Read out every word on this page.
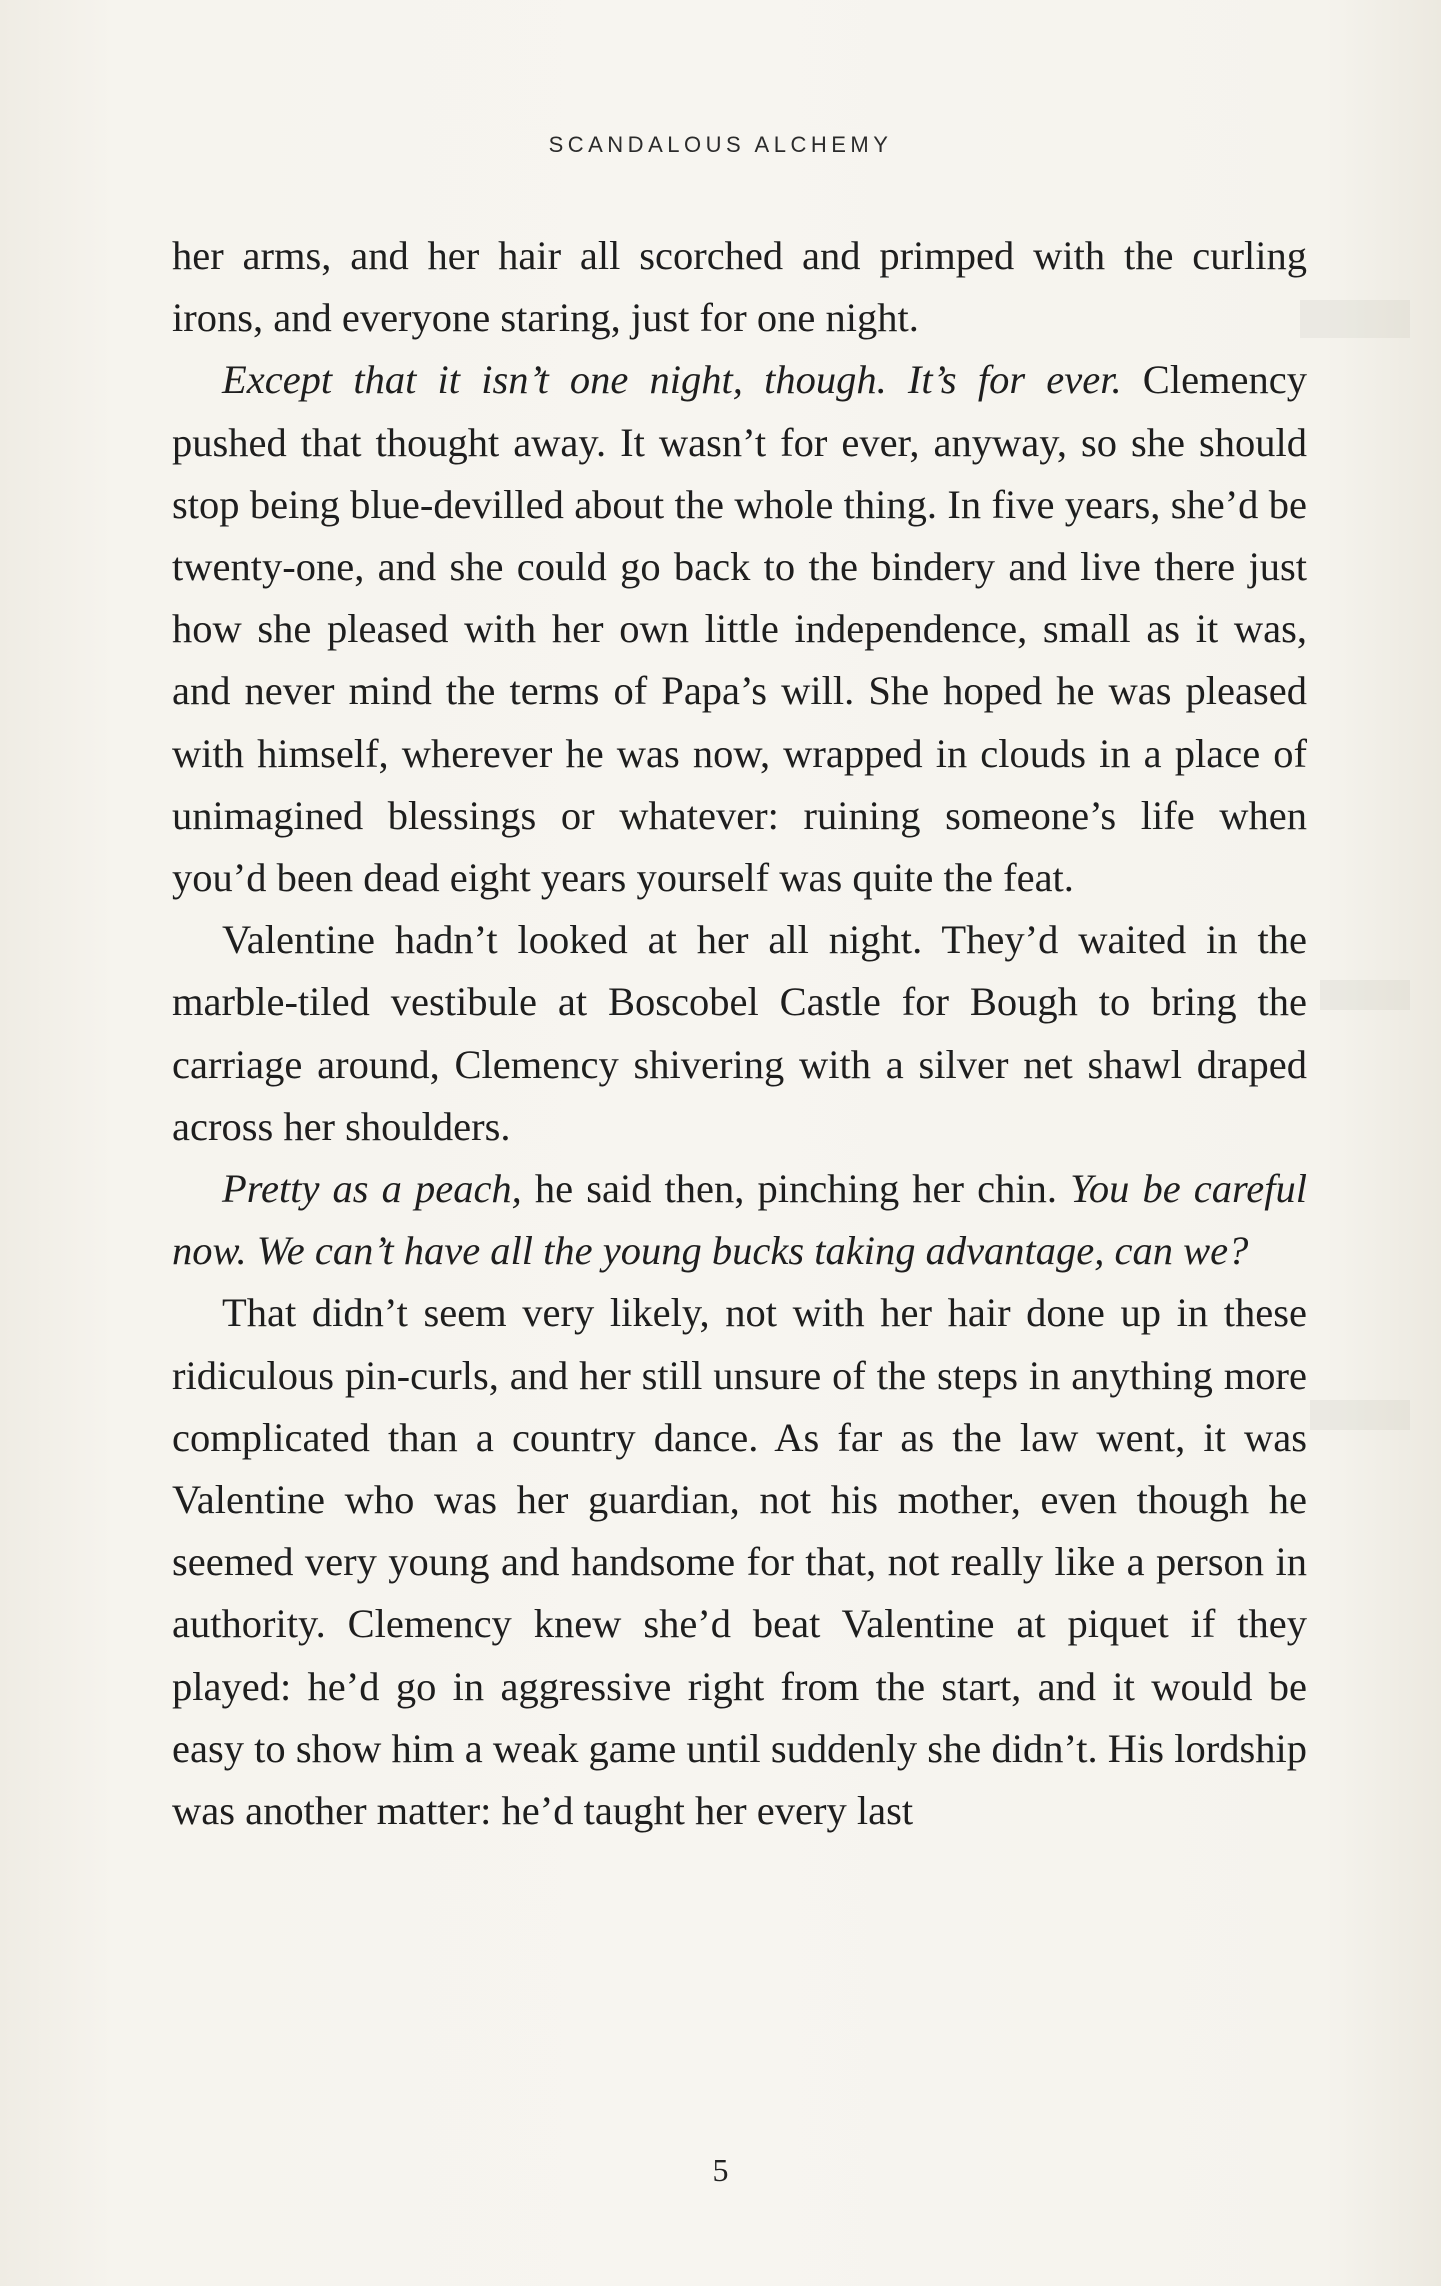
SCANDALOUS ALCHEMY

her arms, and her hair all scorched and primped with the curling irons, and everyone staring, just for one night.

Except that it isn’t one night, though. It’s for ever. Clemency pushed that thought away. It wasn’t for ever, anyway, so she should stop being blue-devilled about the whole thing. In five years, she’d be twenty-one, and she could go back to the bindery and live there just how she pleased with her own little independence, small as it was, and never mind the terms of Papa’s will. She hoped he was pleased with himself, wherever he was now, wrapped in clouds in a place of unimagined blessings or whatever: ruining someone’s life when you’d been dead eight years yourself was quite the feat.

Valentine hadn’t looked at her all night. They’d waited in the marble-tiled vestibule at Boscobel Castle for Bough to bring the carriage around, Clemency shivering with a silver net shawl draped across her shoulders.

Pretty as a peach, he said then, pinching her chin. You be careful now. We can’t have all the young bucks taking advantage, can we?

That didn’t seem very likely, not with her hair done up in these ridiculous pin-curls, and her still unsure of the steps in anything more complicated than a country dance. As far as the law went, it was Valentine who was her guardian, not his mother, even though he seemed very young and handsome for that, not really like a person in authority. Clemency knew she’d beat Valentine at piquet if they played: he’d go in aggressive right from the start, and it would be easy to show him a weak game until suddenly she didn’t. His lordship was another matter: he’d taught her every last

5
